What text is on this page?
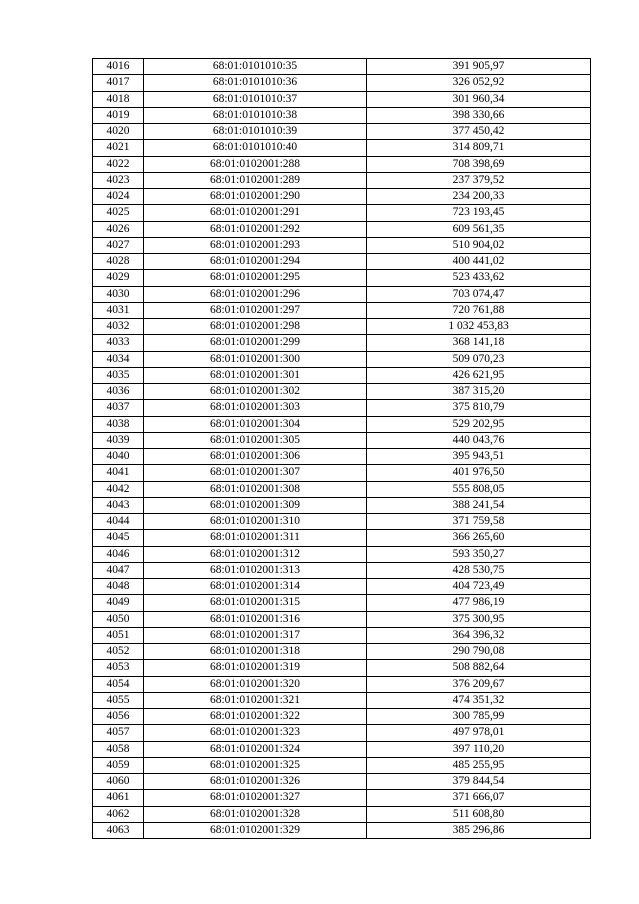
4016	68:01:0101010:35	391 905,97
4017	68:01:0101010:36	326 052,92
4018	68:01:0101010:37	301 960,34
4019	68:01:0101010:38	398 330,66
4020	68:01:0101010:39	377 450,42
4021	68:01:0101010:40	314 809,71
4022	68:01:0102001:288	708 398,69
4023	68:01:0102001:289	237 379,52
4024	68:01:0102001:290	234 200,33
4025	68:01:0102001:291	723 193,45
4026	68:01:0102001:292	609 561,35
4027	68:01:0102001:293	510 904,02
4028	68:01:0102001:294	400 441,02
4029	68:01:0102001:295	523 433,62
4030	68:01:0102001:296	703 074,47
4031	68:01:0102001:297	720 761,88
4032	68:01:0102001:298	1 032 453,83
4033	68:01:0102001:299	368 141,18
4034	68:01:0102001:300	509 070,23
4035	68:01:0102001:301	426 621,95
4036	68:01:0102001:302	387 315,20
4037	68:01:0102001:303	375 810,79
4038	68:01:0102001:304	529 202,95
4039	68:01:0102001:305	440 043,76
4040	68:01:0102001:306	395 943,51
4041	68:01:0102001:307	401 976,50
4042	68:01:0102001:308	555 808,05
4043	68:01:0102001:309	388 241,54
4044	68:01:0102001:310	371 759,58
4045	68:01:0102001:311	366 265,60
4046	68:01:0102001:312	593 350,27
4047	68:01:0102001:313	428 530,75
4048	68:01:0102001:314	404 723,49
4049	68:01:0102001:315	477 986,19
4050	68:01:0102001:316	375 300,95
4051	68:01:0102001:317	364 396,32
4052	68:01:0102001:318	290 790,08
4053	68:01:0102001:319	508 882,64
4054	68:01:0102001:320	376 209,67
4055	68:01:0102001:321	474 351,32
4056	68:01:0102001:322	300 785,99
4057	68:01:0102001:323	497 978,01
4058	68:01:0102001:324	397 110,20
4059	68:01:0102001:325	485 255,95
4060	68:01:0102001:326	379 844,54
4061	68:01:0102001:327	371 666,07
4062	68:01:0102001:328	511 608,80
4063	68:01:0102001:329	385 296,86
